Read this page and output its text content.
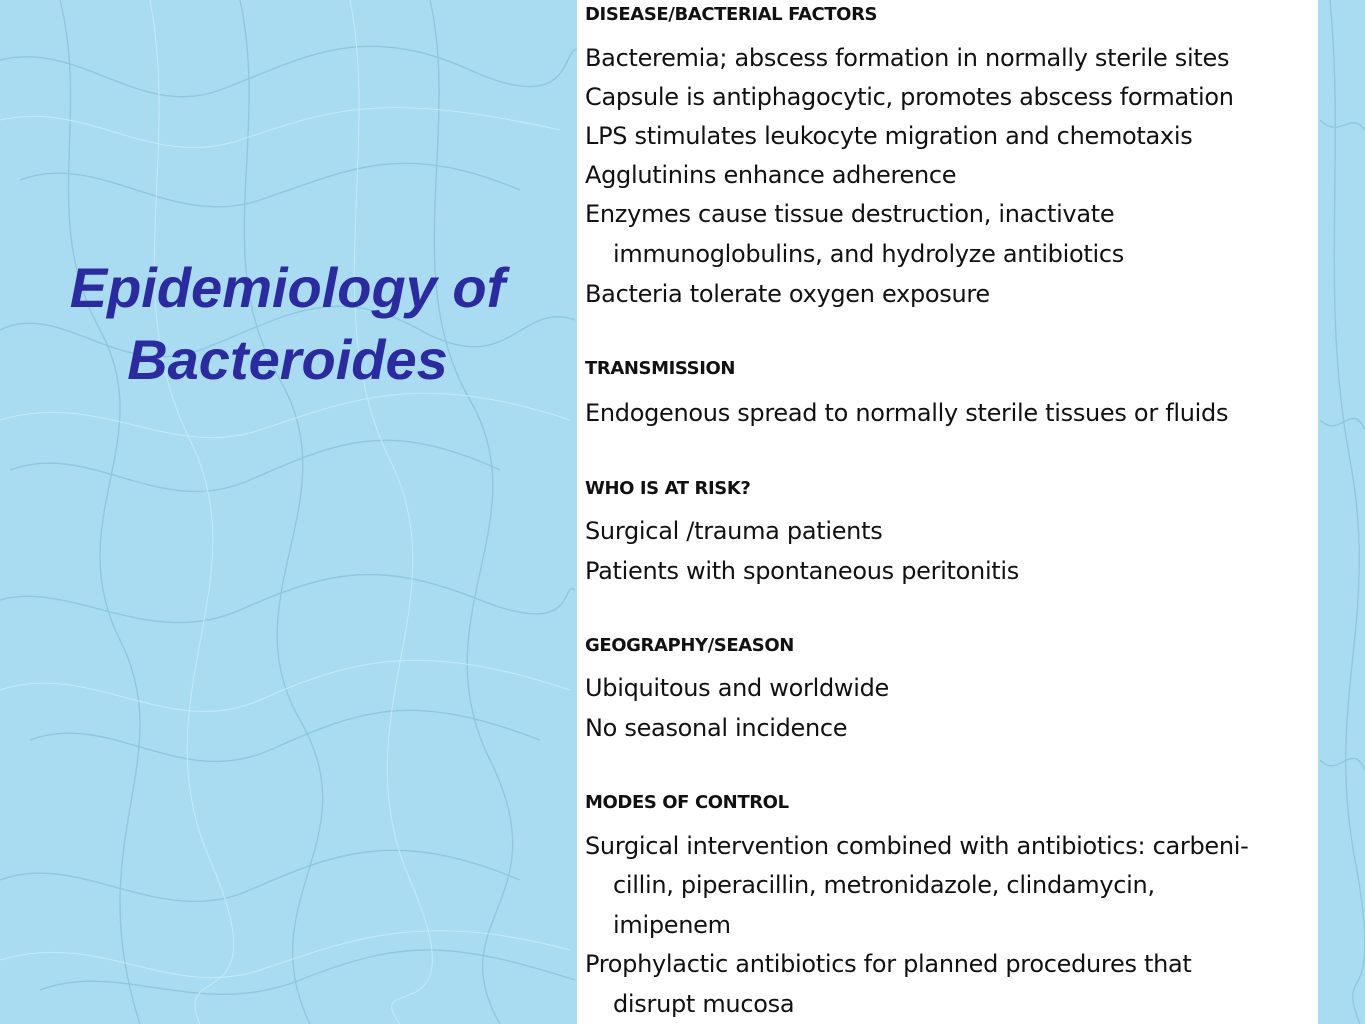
Epidemiology of
Bacteroides
DISEASE/BACTERIAL FACTORS
Bacteremia; abscess formation in normally sterile sites
Capsule is antiphagocytic, promotes abscess formation
LPS stimulates leukocyte migration and chemotaxis
Agglutinins enhance adherence
Enzymes cause tissue destruction, inactivate
immunoglobulins, and hydrolyze antibiotics
Bacteria tolerate oxygen exposure
TRANSMISSION
Endogenous spread to normally sterile tissues or fluids
WHO IS AT RISK?
Surgical /trauma patients
Patients with spontaneous peritonitis
GEOGRAPHY/SEASON
Ubiquitous and worldwide
No seasonal incidence
MODES OF CONTROL
Surgical intervention combined with antibiotics: carbeni-
cillin, piperacillin, metronidazole, clindamycin,
imipenem
Prophylactic antibiotics for planned procedures that
disrupt mucosa
